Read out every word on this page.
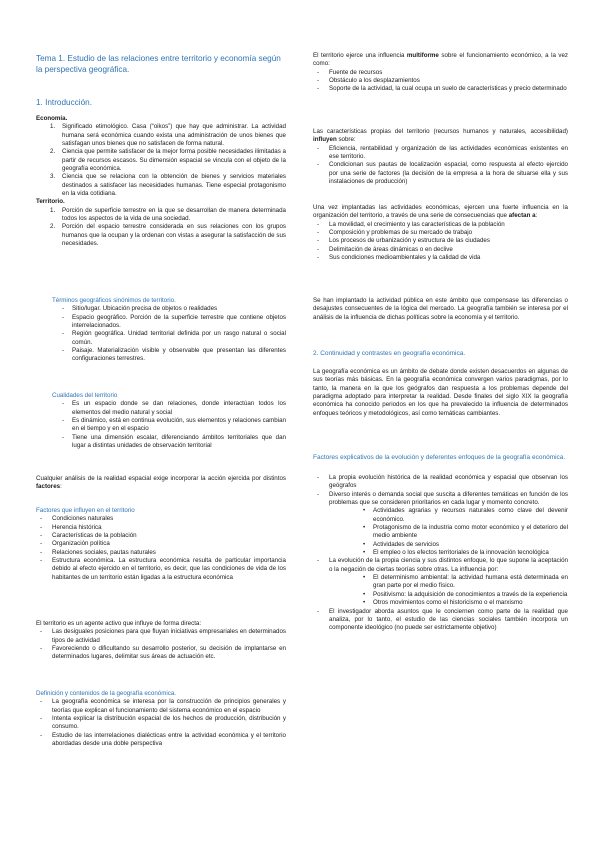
Tema 1. Estudio de las relaciones entre territorio y economía según la perspectiva geográfica.
1. Introducción.
Economía.
1. Significado etimológico. Casa (“oikos”) que hay que administrar. La actividad humana será económica cuando exista una administración de unos bienes que satisfagan unos bienes que no satisfacen de forma natural.
2. Ciencia que permite satisfacer de la mejor forma posible necesidades ilimitadas a partir de recursos escasos. Su dimensión espacial se vincula con el objeto de la geografía económica.
3. Ciencia que se relaciona con la obtención de bienes y servicios materiales destinados a satisfacer las necesidades humanas. Tiene especial protagonismo en la vida cotidiana.
Territorio.
1. Porción de superficie terrestre en la que se desarrollan de manera determinada todos los aspectos de la vida de una sociedad.
2. Porción del espacio terrestre considerada en sus relaciones con los grupos humanos que la ocupan y la ordenan con vistas a asegurar la satisfacción de sus necesidades.
Términos geográficos sinónimos de territorio.
- Sitio/lugar. Ubicación precisa de objetos o realidades
- Espacio geográfico. Porción de la superficie terrestre que contiene objetos interrelacionados.
- Región geográfica. Unidad territorial definida por un rasgo natural o social común.
- Paisaje. Materialización visible y observable que presentan las diferentes configuraciones terrestres.
Cualidades del territorio
- Es un espacio donde se dan relaciones, donde interactúan todos los elementos del medio natural y social
- Es dinámico, está en continua evolución, sus elementos y relaciones cambian en el tiempo y en el espacio
- Tiene una dimensión escalar, diferenciando ámbitos territoriales que dan lugar a distintas unidades de observación territorial
Cualquier análisis de la realidad espacial exige incorporar la acción ejercida por distintos factores:
Factores que influyen en el territorio
- Condiciones naturales
- Herencia histórica
- Características de la población
- Organización política
- Relaciones sociales, pautas naturales
- Estructura económica. La estructura económica resulta de particular importancia debido al efecto ejercido en el territorio, es decir, que las condiciones de vida de los habitantes de un territorio están ligadas a la estructura económica
El territorio es un agente activo que influye de forma directa:
- Las desiguales posiciones para que fluyan iniciativas empresariales en determinados tipos de actividad
- Favoreciendo o dificultando su desarrollo posterior, su decisión de implantarse en determinados lugares, delimitar sus áreas de actuación etc.
Definición y contenidos de la geografía económica.
- La geografía económica se interesa por la construcción de principios generales y teorías que explican el funcionamiento del sistema económico en el espacio
- Intenta explicar la distribución espacial de los hechos de producción, distribución y consumo.
- Estudio de las interrelaciones dialécticas entre la actividad económica y el territorio abordadas desde una doble perspectiva
El territorio ejerce una influencia multiforme sobre el funcionamiento económico, a la vez como:
- Fuente de recursos
- Obstáculo a los desplazamientos
- Soporte de la actividad, la cual ocupa un suelo de características y precio determinado
Las características propias del territorio (recursos humanos y naturales, accesibilidad) influyen sobre:
- Eficiencia, rentabilidad y organización de las actividades económicas existentes en ese territorio.
- Condicionan sus pautas de localización espacial, como respuesta al efecto ejercido por una serie de factores (la decisión de la empresa a la hora de situarse ella y sus instalaciones de producción)
Una vez implantadas las actividades económicas, ejercen una fuerte influencia en la organización del territorio, a través de una serie de consecuencias que afectan a:
- La movilidad, el crecimiento y las características de la población
- Composición y problemas de su mercado de trabajo
- Los procesos de urbanización y estructura de las ciudades
- Delimitación de áreas dinámicas o en declive
- Sus condiciones medioambientales y la calidad de vida
Se han implantado la actividad pública en este ámbito que compensase las diferencias o desajustes consecuentes de la lógica del mercado. La geografía también se interesa por el análisis de la influencia de dichas políticas sobre la economía y el territorio.
2. Continuidad y contrastes en geografía económica.
La geografía económica es un ámbito de debate donde existen desacuerdos en algunas de sus teorías más básicas. En la geografía económica convergen varios paradigmas, por lo tanto, la manera en la que los geógrafos dan respuesta a los problemas depende del paradigma adoptado para interpretar la realidad. Desde finales del siglo XIX la geografía económica ha conocido periodos en los que ha prevalecido la influencia de determinados enfoques teóricos y metodológicos, así como temáticas cambiantes.
Factores explicativos de la evolución y deferentes enfoques de la geografía económica.
- La propia evolución histórica de la realidad económica y espacial que observan los geógrafos
- Diverso interés o demanda social que suscita a diferentes temáticas en función de los problemas que se consideren prioritarios en cada lugar y momento concreto.
• Actividades agrarias y recursos naturales como clave del devenir económico.
• Protagonismo de la industria como motor económico y el deterioro del medio ambiente
• Actividades de servicios
• El empleo o los efectos territoriales de la innovación tecnológica
- La evolución de la propia ciencia y sus distintos enfoque, lo que supone la aceptación o la negación de ciertas teorías sobre otras. La influencia por:
• El determinismo ambiental: la actividad humana está determinada en gran parte por el medio físico.
• Positivismo: la adquisición de conocimientos a través de la experiencia
• Otros movimientos como el historicismo o el marxismo
- El investigador aborda asuntos que le conciernen como parte de la realidad que analiza, por lo tanto, el estudio de las ciencias sociales también incorpora un componente ideológico (no puede ser estrictamente objetivo)
